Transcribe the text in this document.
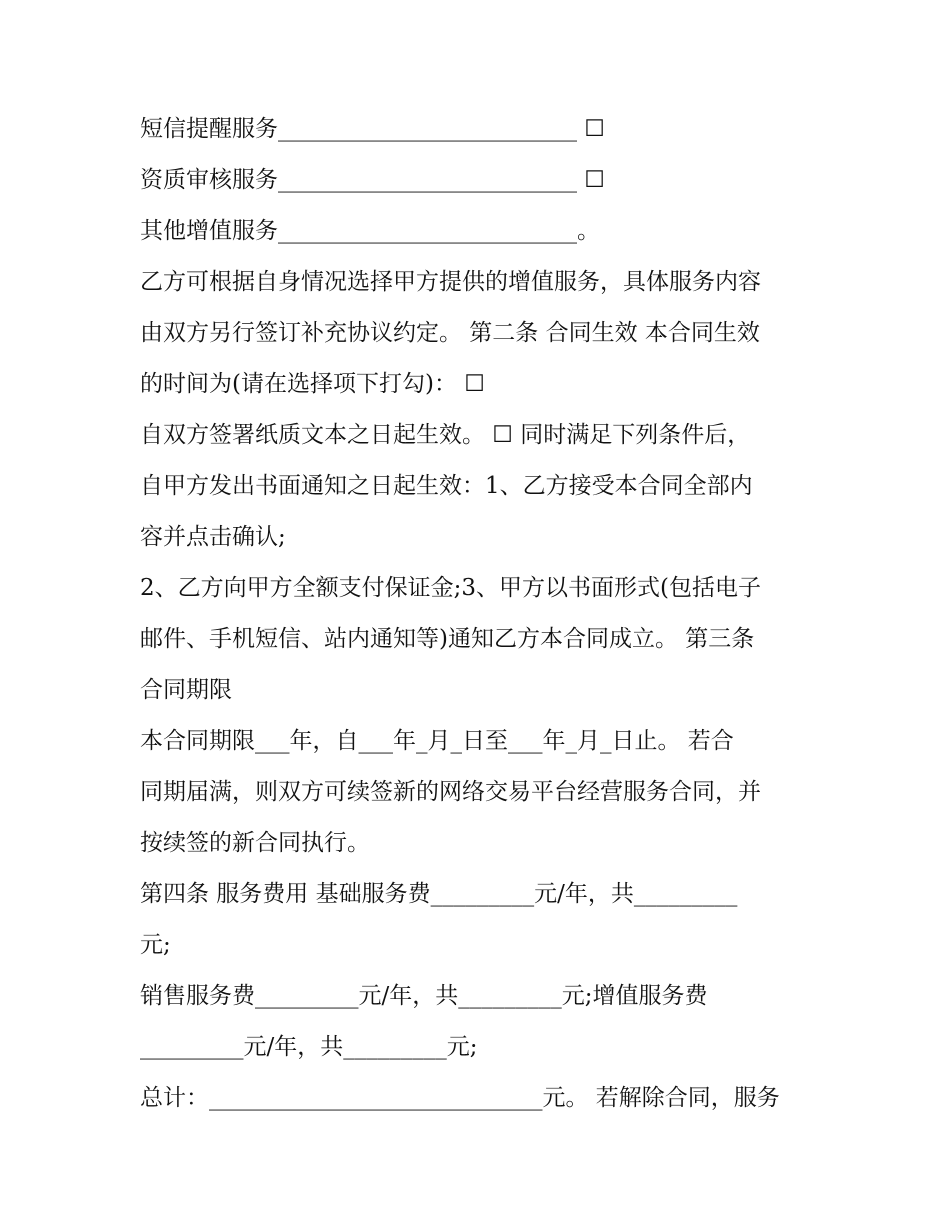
短信提醒服务__________________________ ☐
资质审核服务__________________________ ☐
其他增值服务__________________________。
乙方可根据自身情况选择甲方提供的增值服务，具体服务内容
由双方另行签订补充协议约定。 第二条 合同生效 本合同生效
的时间为(请在选择项下打勾)： ☐
自双方签署纸质文本之日起生效。 ☐ 同时满足下列条件后，
自甲方发出书面通知之日起生效：1、乙方接受本合同全部内
容并点击确认;
2、乙方向甲方全额支付保证金;3、甲方以书面形式(包括电子
邮件、手机短信、站内通知等)通知乙方本合同成立。 第三条
合同期限
本合同期限___年，自___年_月_日至___年_月_日止。 若合
同期届满，则双方可续签新的网络交易平台经营服务合同，并
按续签的新合同执行。
第四条 服务费用 基础服务费_________元/年，共_________
元;
销售服务费_________元/年，共_________元;增值服务费
_________元/年，共_________元;
总计：_____________________________元。 若解除合同，服务
